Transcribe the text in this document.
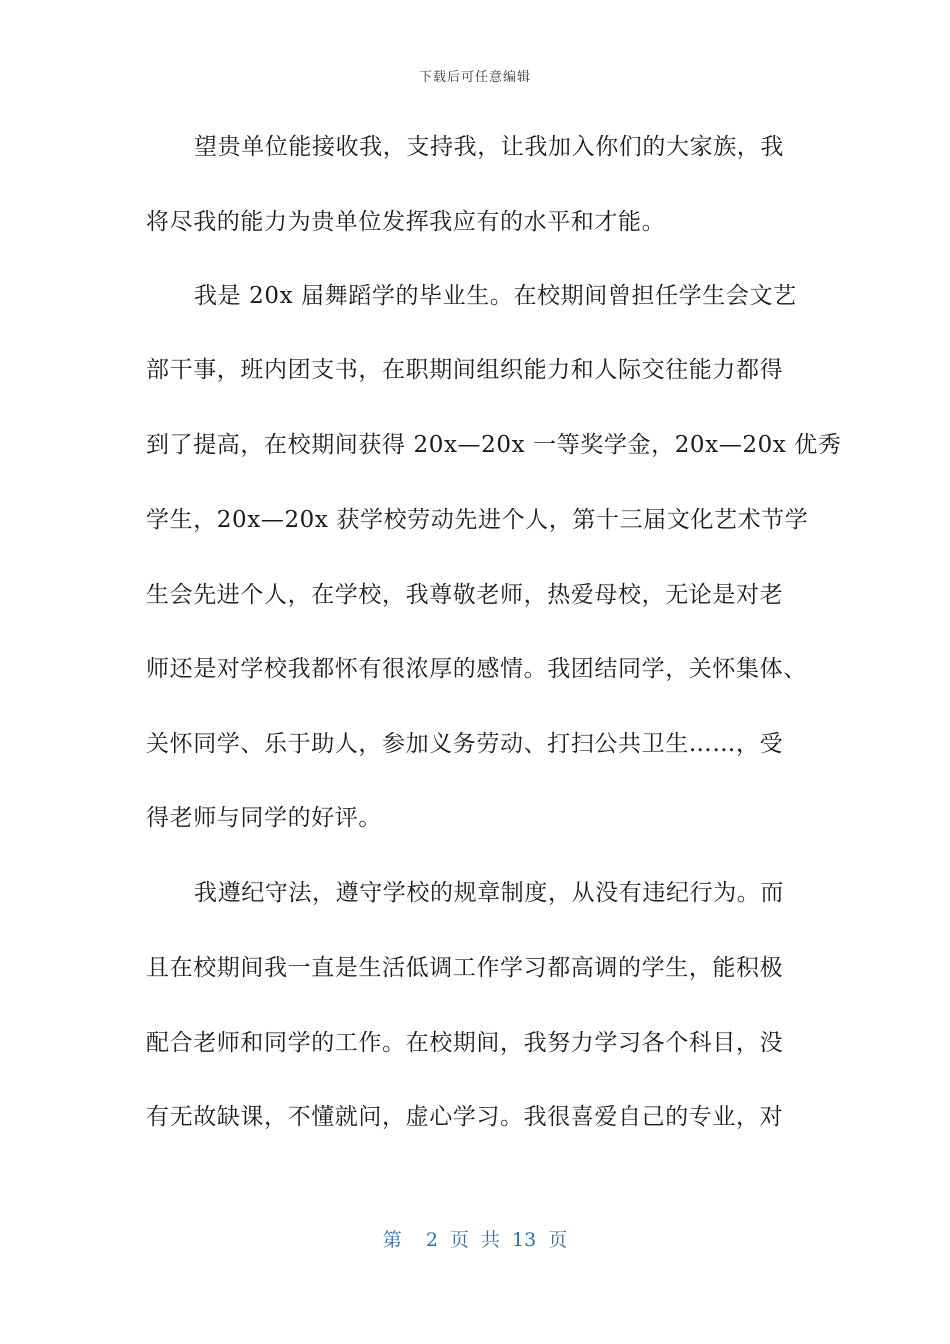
下载后可任意编辑
望贵单位能接收我，支持我，让我加入你们的大家族，我
将尽我的能力为贵单位发挥我应有的水平和才能。
我是 20x 届舞蹈学的毕业生。在校期间曾担任学生会文艺
部干事，班内团支书，在职期间组织能力和人际交往能力都得
到了提高，在校期间获得 20x—20x 一等奖学金，20x—20x 优秀
学生，20x—20x 获学校劳动先进个人，第十三届文化艺术节学
生会先进个人，在学校，我尊敬老师，热爱母校，无论是对老
师还是对学校我都怀有很浓厚的感情。我团结同学，关怀集体、
关怀同学、乐于助人，参加义务劳动、打扫公共卫生……，受
得老师与同学的好评。
我遵纪守法，遵守学校的规章制度，从没有违纪行为。而
且在校期间我一直是生活低调工作学习都高调的学生，能积极
配合老师和同学的工作。在校期间，我努力学习各个科目，没
有无故缺课，不懂就问，虚心学习。我很喜爱自己的专业，对
第  2 页 共 13 页
